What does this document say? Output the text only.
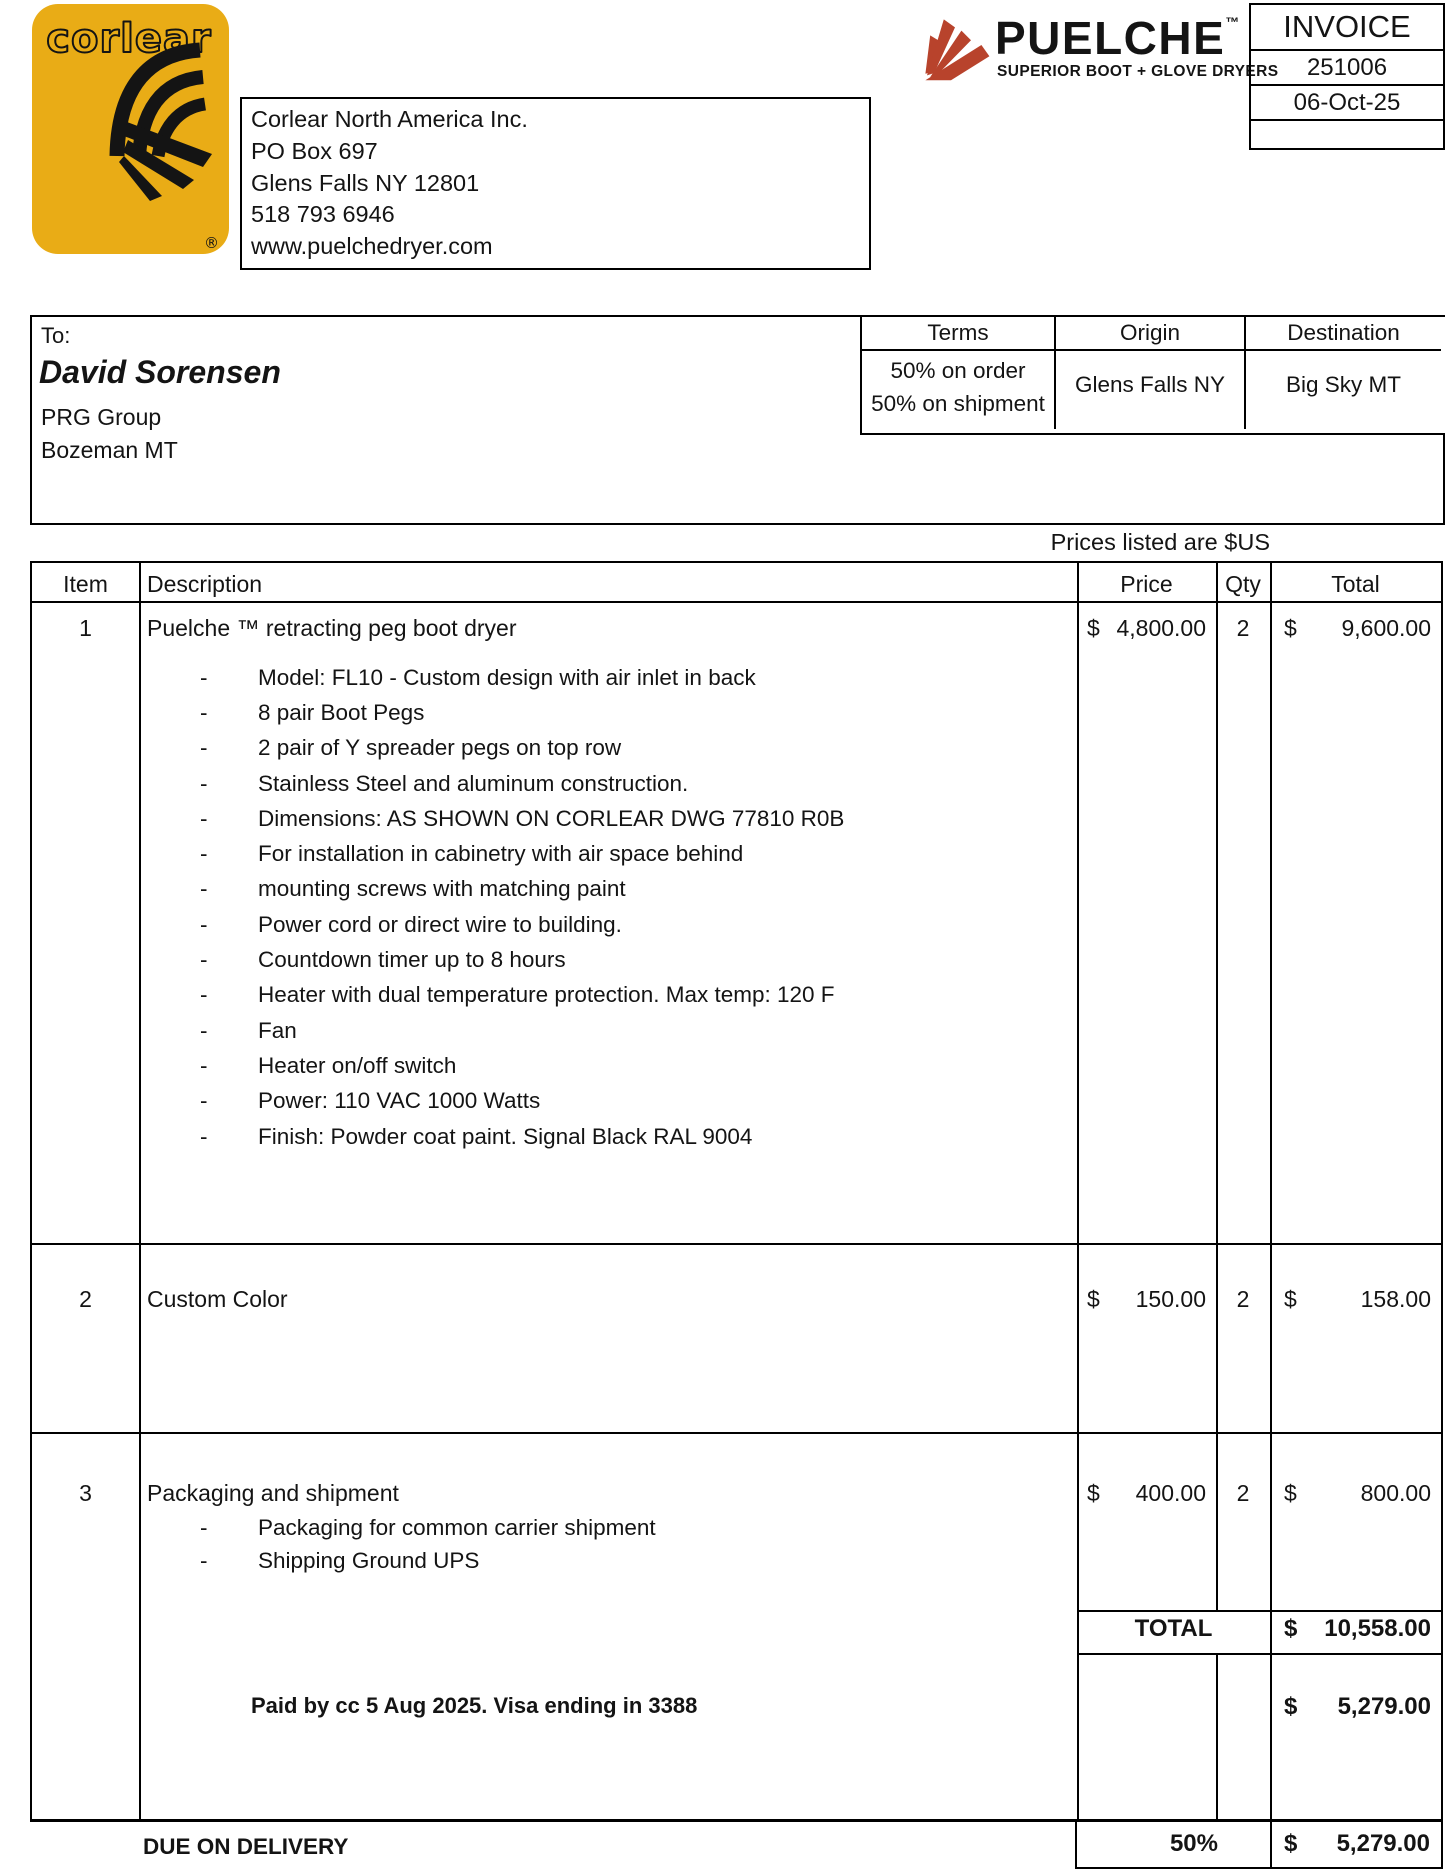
corlear
®
Corlear North America Inc.
PO Box 697
Glens Falls NY 12801
518 793 6946
www.puelchedryer.com
PUELCHE™
SUPERIOR BOOT + GLOVE DRYERS
INVOICE
251006
06-Oct-25
To:
David Sorensen
PRG Group
Bozeman MT
Terms	Origin	Destination
50% on order
50% on shipment
Glens Falls NY	Big Sky MT
Prices listed are $US
Item	Description	Price	Qty	Total
1	Puelche ™ retracting peg boot dryer
-	Model: FL10 - Custom design with air inlet in back
-	8 pair Boot Pegs
-	2 pair of Y spreader pegs on top row
-	Stainless Steel and aluminum construction.
-	Dimensions: AS SHOWN ON CORLEAR DWG 77810 R0B
-	For installation in cabinetry with air space behind
-	mounting screws with matching paint
-	Power cord or direct wire to building.
-	Countdown timer up to 8 hours
-	Heater with dual temperature protection. Max temp: 120 F
-	Fan
-	Heater on/off switch
-	Power: 110 VAC 1000 Watts
-	Finish: Powder coat paint. Signal Black RAL 9004
$ 4,800.00	2	$ 9,600.00
2	Custom Color	$ 150.00	2	$	158.00
3	Packaging and shipment
-	Packaging for common carrier shipment
-	Shipping Ground UPS
$ 400.00	2	$	800.00
TOTAL	$ 10,558.00
Paid by cc 5 Aug 2025. Visa ending in 3388	$ 5,279.00
DUE ON DELIVERY	50%	$ 5,279.00
